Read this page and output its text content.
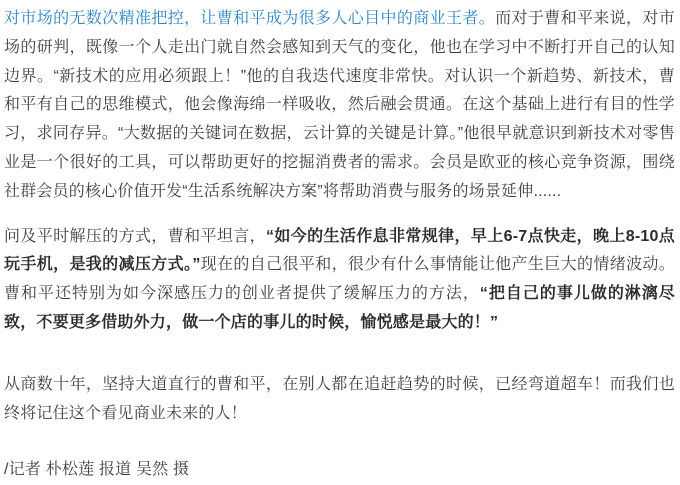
对市场的无数次精准把控，让曹和平成为很多人心目中的商业王者。而对于曹和平来说，对市场的研判，既像一个人走出门就自然会感知到天气的变化，他也在学习中不断打开自己的认知边界。“新技术的应用必须跟上！”他的自我迭代速度非常快。对认识一个新趋势、新技术，曹和平有自己的思维模式，他会像海绵一样吸收，然后融会贯通。在这个基础上进行有目的性学习，求同存异。“大数据的关键词在数据，云计算的关键是计算。”他很早就意识到新技术对零售业是一个很好的工具，可以帮助更好的挖掘消费者的需求。会员是欧亚的核心竞争资源，围绕社群会员的核心价值开发“生活系统解决方案”将帮助消费与服务的场景延伸......

问及平时解压的方式，曹和平坦言，“如今的生活作息非常规律，早上6-7点快走，晚上8-10点玩手机，是我的减压方式。”现在的自己很平和，很少有什么事情能让他产生巨大的情绪波动。曹和平还特别为如今深感压力的创业者提供了缓解压力的方法，“把自己的事儿做的淋漓尽致，不要更多借助外力，做一个店的事儿的时候，愉悦感是最大的！”

从商数十年，坚持大道直行的曹和平，在别人都在追赶趋势的时候，已经弯道超车！而我们也终将记住这个看见商业未来的人！

/记者 朴松莲 报道 吴然 摄
